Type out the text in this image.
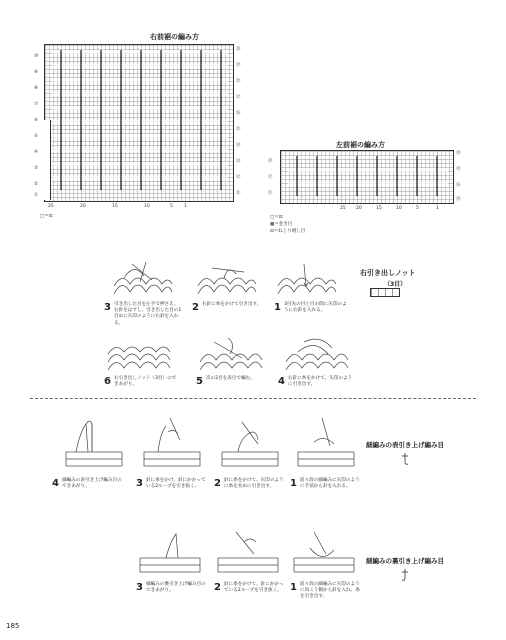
右前裾の編み方
⑳
⑲
⑱
⑰
⑯
⑮
⑭
⑬
⑫
⑪
⑩
⑨
⑧
⑦
⑥
⑤
④
③
②
①
25	20	15	10	5 1
□＝⊡
左前裾の編み方
⑳
⑱
⑯
⑭
⑲
⑰
⑮
25 20	15	10	5	1
□＝⊡
▩＝巻き目
⊡＝ねじり増し目
右引き出しノット
（3目）
3 引き出した目を左手で押さえ、右針をはずし、引き出した目の1目めに矢印のように右針を入れる。
2 右針に糸をかけて引き出す。	1 3目先の目と目の間に矢印のように右針を入れる。
6 右引き出しノット（3目）のできあがり。	5 次の2目を表目で編む。	4 右針に糸をかけて、矢印のように引き出す。
細編みの表引き上げ編み目
4 細編みの表引き上げ編み目のできあがり。	3 針に糸をかけ、針にかかっている2ループを引き抜く。	2 針に糸をかけて、矢印のように糸を長めに引き出す。	1 前々段の細編みに矢印のように手前から針を入れる。
細編みの裏引き上げ編み目
3 細編みの裏引き上げ編み目のできあがり。	2 針に糸をかけて、針にかかっている2ループを引き抜く。 1 前々段の細編みに矢印のように向こう側から針を入れ、糸を引き出す。
185
